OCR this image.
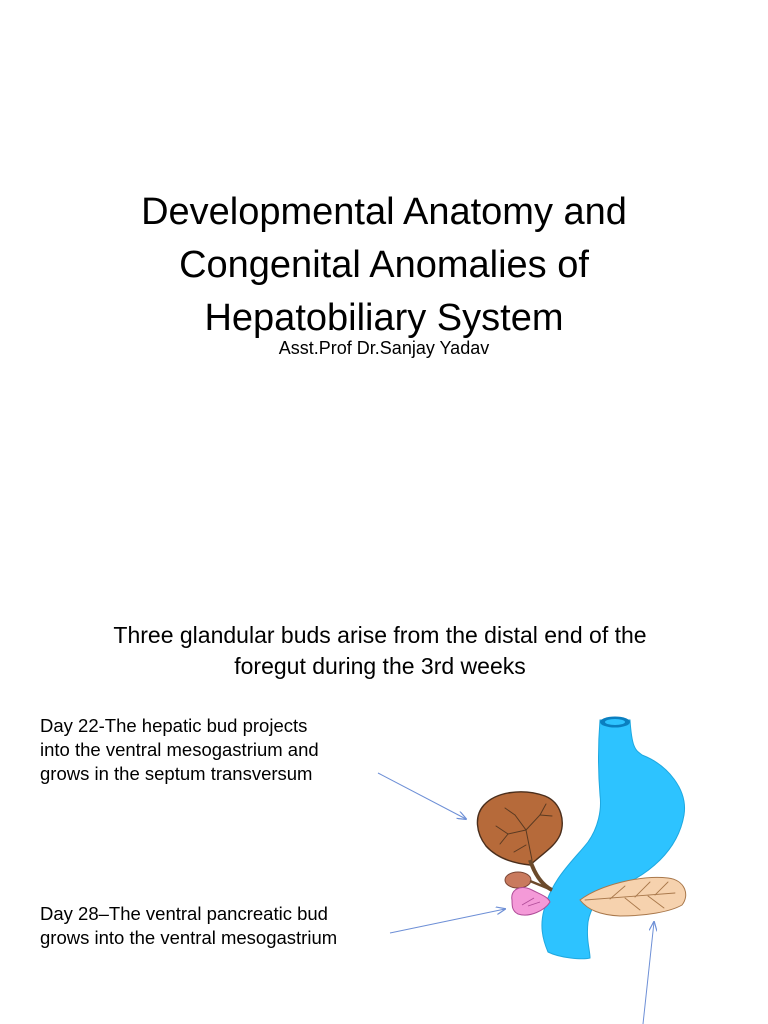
Developmental Anatomy and
Congenital Anomalies of
Hepatobiliary System
Asst.Prof Dr.Sanjay Yadav
Three glandular buds arise from the distal end of the
foregut during the 3rd weeks
Day 22-The hepatic bud projects
into the ventral mesogastrium and
grows in the septum transversum
Day 28–The ventral pancreatic bud
grows into the ventral mesogastrium
